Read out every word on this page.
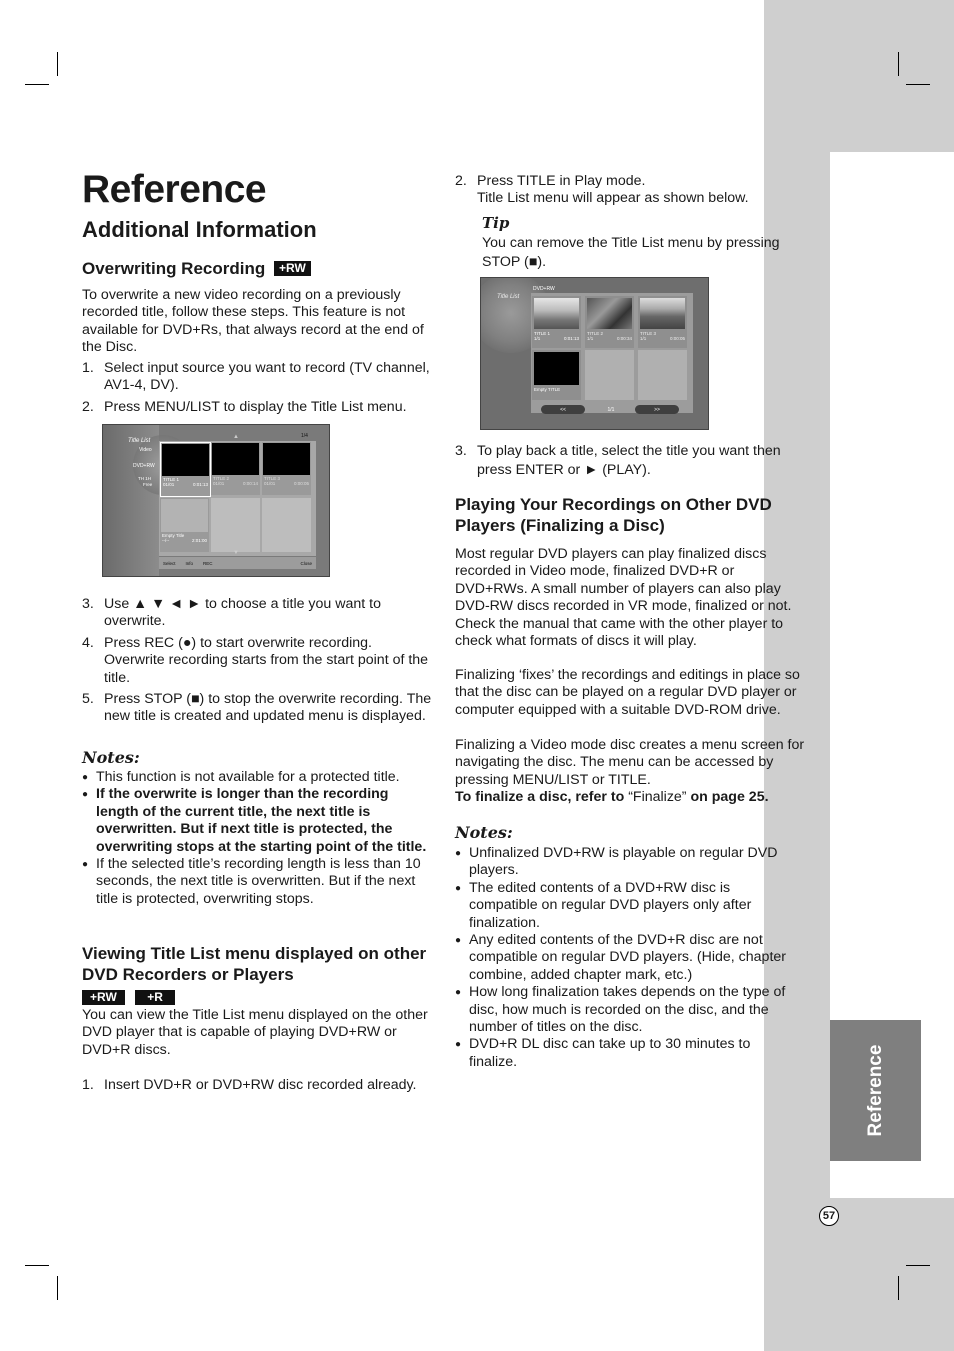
Reference
57
Reference
Additional Information
Overwriting Recording +RW
To overwrite a new video recording on a previously recorded title, follow these steps. This feature is not available for DVD+Rs, that always record at the end of the Disc.
1. Select input source you want to record (TV channel, AV1-4, DV).
2. Press MENU/LIST to display the Title List menu.
Title List
Video
DVD+RW
TH 1H
Free
1/4
▲
TITLE 1
01/01	0:01:13
TITLE 2
01/01	0:00:14
TITLE 3
01/01	0:00:05
Empty Title
--/--	2:01:00
▼
Select Info REC	Close
3. Use ▲ ▼ ◄ ► to choose a title you want to overwrite.
4. Press REC (●) to start overwrite recording. Overwrite recording starts from the start point of the title.
5. Press STOP (■) to stop the overwrite recording. The new title is created and updated menu is displayed.
Notes:
● This function is not available for a protected title.
● If the overwrite is longer than the recording length of the current title, the next title is overwritten. But if next title is protected, the overwriting stops at the starting point of the title.
● If the selected title’s recording length is less than 10 seconds, the next title is overwritten. But if the next title is protected, overwriting stops.
Viewing Title List menu displayed on other DVD Recorders or Players
+RW	+R
You can view the Title List menu displayed on the other DVD player that is capable of playing DVD+RW or DVD+R discs.
1. Insert DVD+R or DVD+RW disc recorded already.
2. Press TITLE in Play mode.
Title List menu will appear as shown below.
Tip
You can remove the Title List menu by pressing STOP (■).
Title List
DVD+RW
TITLE 1
1/1	0:01:13
TITLE 2
1/1	0:00:34
TITLE 3
1/1	0:00:05
Empty TITLE
<<	1/1	>>
3. To play back a title, select the title you want then press ENTER or ► (PLAY).
Playing Your Recordings on Other DVD Players (Finalizing a Disc)
Most regular DVD players can play finalized discs recorded in Video mode, finalized DVD+R or DVD+RWs. A small number of players can also play DVD-RW discs recorded in VR mode, finalized or not. Check the manual that came with the other player to check what formats of discs it will play.
Finalizing ‘fixes’ the recordings and editings in place so that the disc can be played on a regular DVD player or computer equipped with a suitable DVD-ROM drive.
Finalizing a Video mode disc creates a menu screen for navigating the disc. The menu can be accessed by pressing MENU/LIST or TITLE.
To finalize a disc, refer to “Finalize” on page 25.
Notes:
● Unfinalized DVD+RW is playable on regular DVD players.
● The edited contents of a DVD+RW disc is compatible on regular DVD players only after finalization.
● Any edited contents of the DVD+R disc are not compatible on regular DVD players. (Hide, chapter combine, added chapter mark, etc.)
● How long finalization takes depends on the type of disc, how much is recorded on the disc, and the number of titles on the disc.
● DVD+R DL disc can take up to 30 minutes to finalize.
